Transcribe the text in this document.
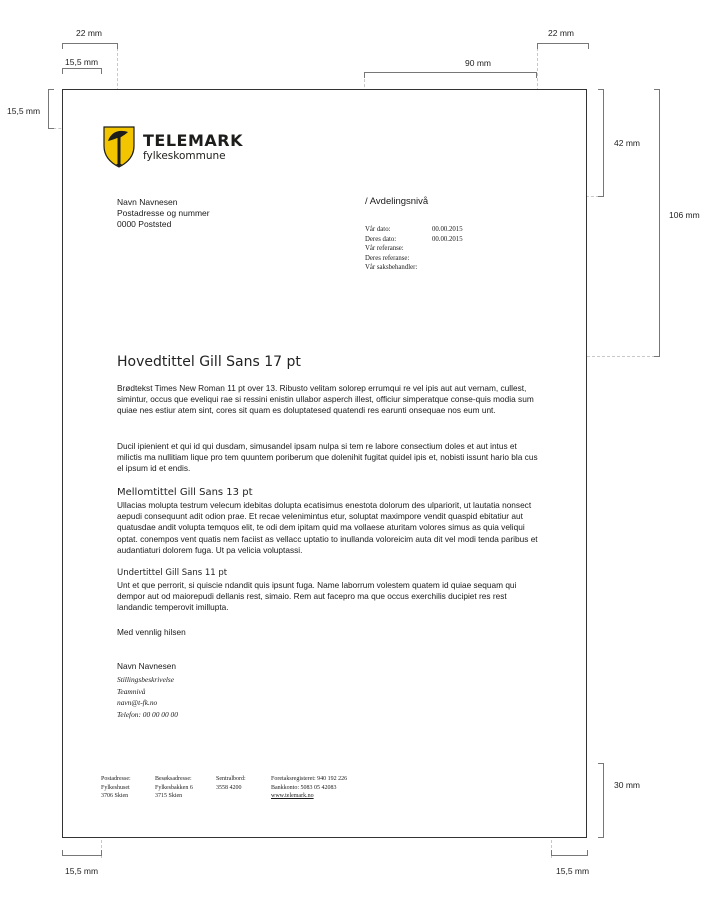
22 mm
15,5 mm
22 mm
90 mm
15,5 mm
42 mm
106 mm
30 mm
15,5 mm	15,5 mm
TELEMARK
fylkeskommune
Navn Navnesen
Postadresse og nummer
0000 Poststed
/ Avdelingsnivå
Vår dato:	00.00.2015
Deres dato:	00.00.2015
Vår referanse:
Deres referanse:
Vår saksbehandler:
Hovedtittel Gill Sans 17 pt
Brødtekst Times New Roman 11 pt over 13. Ribusto velitam solorep errumqui re vel ipis aut aut vernam, cullest, simintur, occus que eveliqui rae si ressini enistin ullabor asperch illest, officiur simperatque conse-quis modia sum quiae nes estiur atem sint, cores sit quam es doluptatesed quatendi res earunti onsequae nos eum unt.
Ducil ipienient et qui id qui dusdam, simusandel ipsam nulpa si tem re labore consectium doles et aut intus et milictis ma nullitiam lique pro tem quuntem poriberum que dolenihit fugitat quidel ipis et, nobisti issunt hario bla cus el ipsum id et endis.
Mellomtittel Gill Sans 13 pt
Ullacias molupta testrum velecum idebitas dolupta ecatisimus enestota dolorum des ulpariorit, ut lautatia nonsect aepudi consequunt adit odion prae. Et recae velenimintus etur, soluptat maximpore vendit quaspid ebitatiur aut quatusdae andit volupta temquos elit, te odi dem ipitam quid ma vollaese aturitam volores simus as quia veliqui optat. conempos vent quatis nem faciist as vellacc uptatio to inullanda voloreicim auta dit vel modi tenda paribus et audantiaturi dolorem fuga. Ut pa velicia voluptassi.
Undertittel Gill Sans 11 pt
Unt et que perrorit, si quiscie ndandit quis ipsunt fuga. Name laborrum volestem quatem id quiae sequam qui dempor aut od maiorepudi dellanis rest, simaio. Rem aut facepro ma que occus exerchilis ducipiet res rest landandic temperovit imillupta.
Med vennlig hilsen
Navn Navnesen
Stillingsbeskrivelse
Teamnivå
navn@t-fk.no
Telefon: 00 00 00 00
Postadresse:
Fylkeshuset
3706 Skien
Besøksadresse:
Fylkesbakken 6
3715 Skien
Sentralbord:
3558 4200
Foretaksregisteret: 940 192 226
Bankkonto: 5083 05 42083
www.telemark.no
